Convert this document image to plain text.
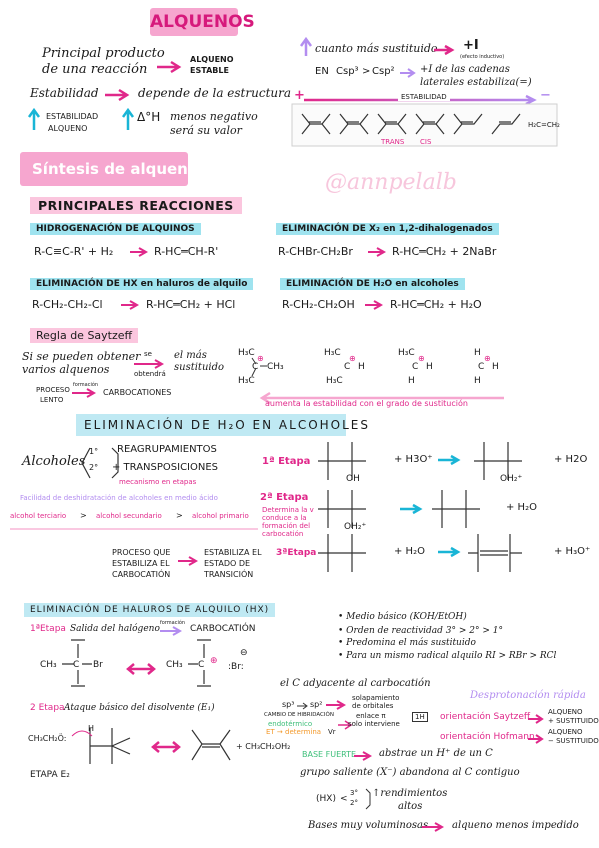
ALQUENOS
Principal producto
de una reacción
ALQUENO
ESTABLE
Estabilidad	depende de la estructura
ESTABILIDAD
ALQUENO
Δ°H menos negativo
será su valor
cuanto más sustituido +I
(efecto inductivo)
EN Csp³ > Csp²	+I de las cadenas
laterales estabiliza(=)
+	ESTABILIDAD	−
TRANS CIS
H₂C=CH₂
Síntesis de alquenos
@annpelalb
PRINCIPALES REACCIONES
HIDROGENACIÓN DE ALQUINOS
R-C≡C-R' + H₂ → R-HC═CH-R'
ELIMINACIÓN DE X₂ en 1,2-dihalogenados
R-CHBr-CH₂Br → R-HC═CH₂ + 2NaBr
ELIMINACIÓN DE HX en haluros de alquilo
R-CH₂-CH₂-Cl → R-HC═CH₂ + HCl
ELIMINACIÓN DE H₂O en alcoholes
R-CH₂-CH₂OH → R-HC═CH₂ + H₂O
Regla de Saytzeff
Si se pueden obtener
varios alquenos
se
obtendrá
el más
sustituido
PROCESO
LENTO
formación
CARBOCATIONES
H₃C
C
⊕
CH₃
H₃C
H₃C
C
⊕
H
H₃C
H₃C
C
⊕
H
H
H
C
⊕
H
H
aumenta la estabilidad con el grado de sustitución
ELIMINACIÓN DE H₂O EN ALCOHOLES
Alcoholes
1°
2°
REAGRUPAMIENTOS
+ TRANSPOSICIONES
mecanismo en etapas
Facilidad de deshidratación de alcoholes en medio ácido
alcohol terciario > alcohol secundario > alcohol primario
1ª Etapa
OH
+ H3O⁺
OH₂⁺
+ H2O
2ª Etapa
Determina la v
conduce a la
formación del
carbocatión
OH₂⁺
+ H₂O
3ªEtapa	+ H₂O	+ H₃O⁺
PROCESO QUE
ESTABILIZA EL
CARBOCATIÓN
ESTABILIZA EL
ESTADO DE
TRANSICIÓN
ELIMINACIÓN DE HALUROS DE ALQUILO (HX)
1ªEtapa Salida del halógeno
formación
CARBOCATIÓN
CH₃ C Br	CH₃ C ⊕
:Br:
⊖
2 Etapa Ataque básico del disolvente (E₁)
CH₃CH₂Ö:
H
+ CH₃CH₂OH₂
ETAPA E₂
el C adyacente al carbocatión
sp³ sp²
solapamiento
de orbitales
CAMBIO DE HIBRIDACIÓN
endotérmico
ET → determina Vr
enlace π
solo interviene
1H
BASE FUERTE abstrae un H⁺ de un C
grupo saliente (X⁻) abandona al C contiguo
(HX) <
3°
2°
↑rendimientos
altos
Bases muy voluminosas alqueno menos impedido
• Medio básico (KOH/EtOH)
• Orden de reactividad 3° > 2° > 1°
• Predomina el más sustituido
• Para un mismo radical alquilo RI > RBr > RCl
Desprotonación rápida
orientación Saytzeff	ALQUENO
+ SUSTITUIDO
orientación Hofmann ALQUENO
− SUSTITUIDO
